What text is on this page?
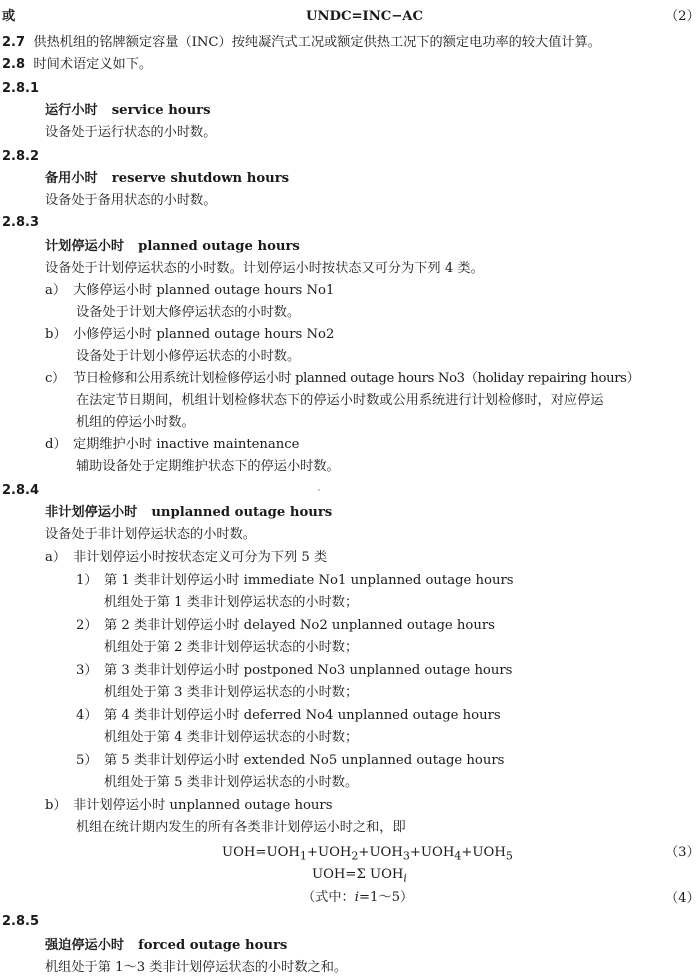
或	UNDC=INC−AC	（2）
2.7 供热机组的铭牌额定容量（INC）按纯凝汽式工况或额定供热工况下的额定电功率的较大值计算。
2.8 时间术语定义如下。
2.8.1
运行小时 service hours
设备处于运行状态的小时数。
2.8.2
备用小时 reserve shutdown hours
设备处于备用状态的小时数。
2.8.3
计划停运小时 planned outage hours
设备处于计划停运状态的小时数。计划停运小时按状态又可分为下列 4 类。
a） 大修停运小时 planned outage hours No1
设备处于计划大修停运状态的小时数。
b） 小修停运小时 planned outage hours No2
设备处于计划小修停运状态的小时数。
c） 节日检修和公用系统计划检修停运小时 planned outage hours No3（holiday repairing hours）
在法定节日期间，机组计划检修状态下的停运小时数或公用系统进行计划检修时，对应停运
机组的停运小时数。
d） 定期维护小时 inactive maintenance
辅助设备处于定期维护状态下的停运小时数。
2.8.4
非计划停运小时 unplanned outage hours
设备处于非计划停运状态的小时数。
a） 非计划停运小时按状态定义可分为下列 5 类
1） 第 1 类非计划停运小时 immediate No1 unplanned outage hours
机组处于第 1 类非计划停运状态的小时数；
2） 第 2 类非计划停运小时 delayed No2 unplanned outage hours
机组处于第 2 类非计划停运状态的小时数；
3） 第 3 类非计划停运小时 postponed No3 unplanned outage hours
机组处于第 3 类非计划停运状态的小时数；
4） 第 4 类非计划停运小时 deferred No4 unplanned outage hours
机组处于第 4 类非计划停运状态的小时数；
5） 第 5 类非计划停运小时 extended No5 unplanned outage hours
机组处于第 5 类非计划停运状态的小时数。
b） 非计划停运小时 unplanned outage hours
机组在统计期内发生的所有各类非计划停运小时之和，即
$UOH=UOH_1+UOH_2+UOH_3+UOH_4+UOH_5$	（3）
UOH=Σ $UOH_i$
（式中：i=1～5）	（4）
2.8.5
强迫停运小时 forced outage hours
机组处于第 1～3 类非计划停运状态的小时数之和。
